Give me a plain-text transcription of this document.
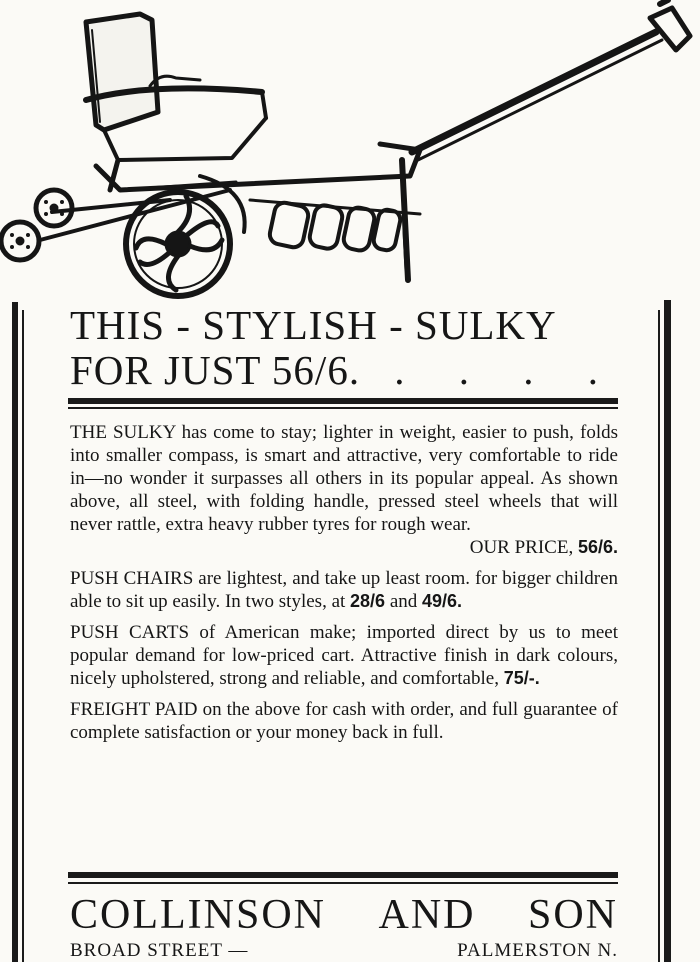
THIS - STYLISH - SULKY
FOR JUST 56/6. . . . .

THE SULKY has come to stay; lighter in weight, easier to push, folds into smaller compass, is smart and attractive, very comfortable to ride in—no wonder it surpasses all others in its popular appeal. As shown above, all steel, with folding handle, pressed steel wheels that will never rattle, extra heavy rubber tyres for rough wear.
OUR PRICE, 56/6.

PUSH CHAIRS are lightest, and take up least room. for bigger children able to sit up easily. In two styles, at 28/6 and 49/6.

PUSH CARTS of American make; imported direct by us to meet popular demand for low-priced cart. Attractive finish in dark colours, nicely upholstered, strong and reliable, and comfortable, 75/-.

FREIGHT PAID on the above for cash with order, and full guarantee of complete satisfaction or your money back in full.

COLLINSON AND SON
BROAD STREET —	PALMERSTON N.
